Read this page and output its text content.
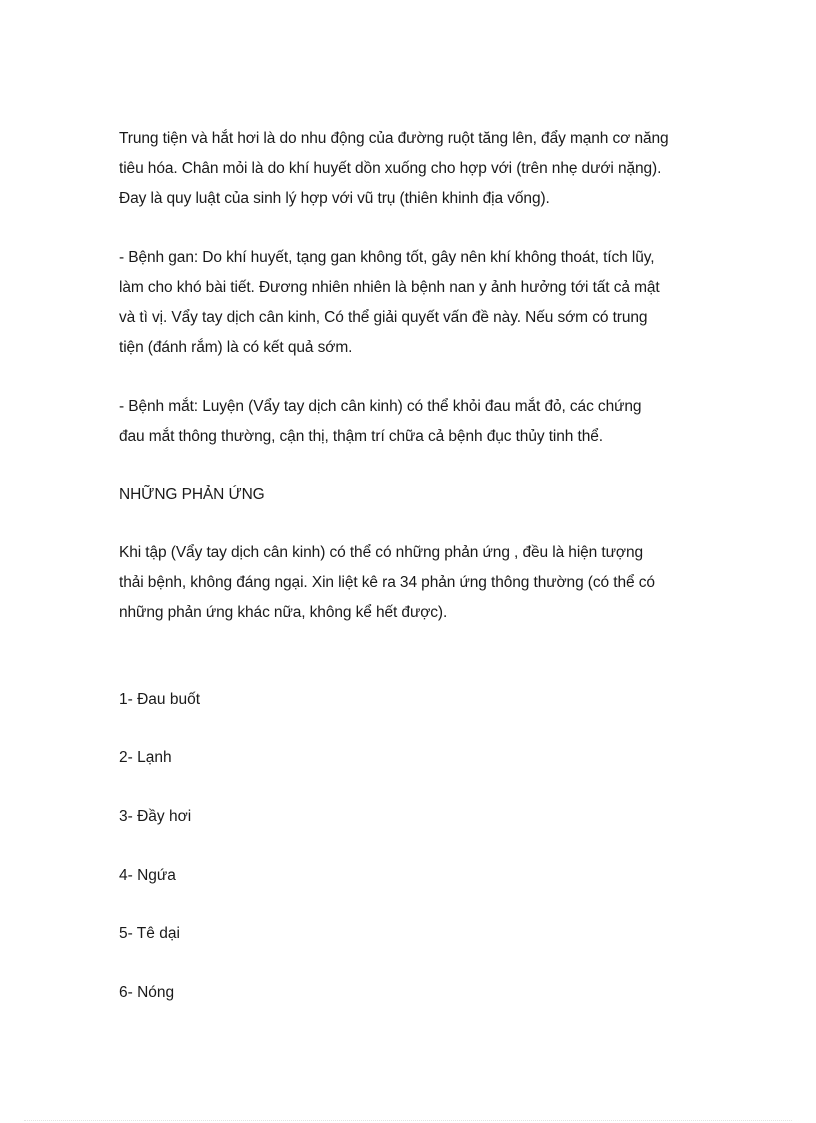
Trung tiện và hắt hơi là do nhu động của đường ruột tăng lên, đẩy mạnh cơ năng
tiêu hóa. Chân mỏi là do khí huyết dồn xuống cho hợp với (trên nhẹ dưới nặng).
Đay là quy luật của sinh lý hợp với vũ trụ (thiên khinh địa vống).

- Bệnh gan: Do khí huyết, tạng gan không tốt, gây nên khí không thoát, tích lũy,
làm cho khó bài tiết. Đương nhiên nhiên là bệnh nan y ảnh hưởng tới tất cả mật
và tì vị. Vẩy tay dịch cân kinh, Có thể giải quyết vấn đề này. Nếu sớm có trung
tiện (đánh rắm) là có kết quả sớm.

- Bệnh mắt: Luyện (Vẩy tay dịch cân kinh) có thể khỏi đau mắt đỏ, các chứng
đau mắt thông thường, cận thị, thậm trí chữa cả bệnh đục thủy tinh thể.

NHỮNG PHẢN ỨNG

Khi tập (Vẩy tay dịch cân kinh) có thể có những phản ứng , đều là hiện tượng
thải bệnh, không đáng ngại. Xin liệt kê ra 34 phản ứng thông thường (có thể có
những phản ứng khác nữa, không kể hết được).

1- Đau buốt

2- Lạnh

3- Đầy hơi

4- Ngứa

5- Tê dại

6- Nóng
